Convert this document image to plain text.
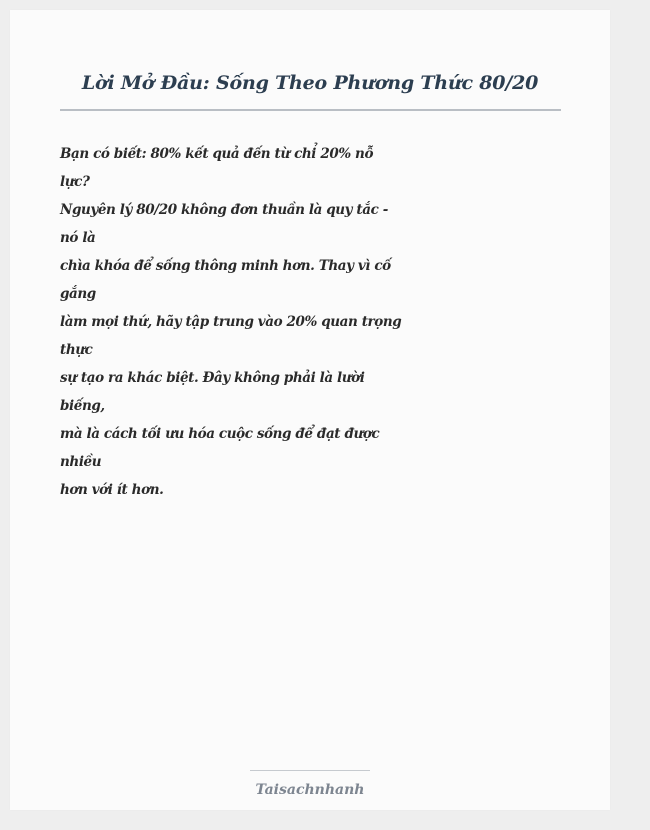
Lời Mở Đầu: Sống Theo Phương Thức 80/20
Bạn có biết: 80% kết quả đến từ chỉ 20% nỗ
lực?
Nguyên lý 80/20 không đơn thuần là quy tắc -
nó là
chìa khóa để sống thông minh hơn. Thay vì cố
gắng
làm mọi thứ, hãy tập trung vào 20% quan trọng
thực
sự tạo ra khác biệt. Đây không phải là lười
biếng,
mà là cách tối ưu hóa cuộc sống để đạt được
nhiều
hơn với ít hơn.
Taisachnhanh
